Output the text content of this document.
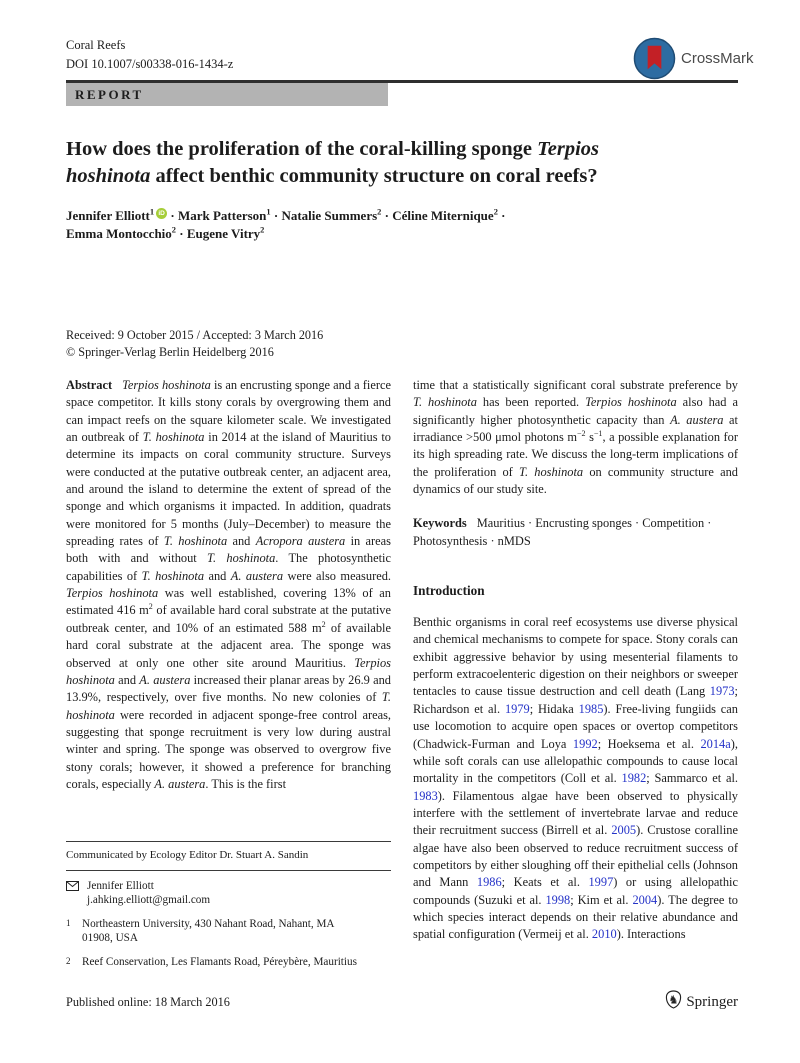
Coral Reefs
DOI 10.1007/s00338-016-1434-z	CrossMark
REPORT
How does the proliferation of the coral-killing sponge Terpios
hoshinota affect benthic community structure on coral reefs?
Jennifer Elliott$^1$ iD · Mark Patterson$^1$ · Natalie Summers$^2$ · Céline Miternique$^2$ ·
Emma Montocchio$^2$ · Eugene Vitry$^2$
Received: 9 October 2015 / Accepted: 3 March 2016
© Springer-Verlag Berlin Heidelberg 2016

Abstract Terpios hoshinota is an encrusting sponge and a fierce space competitor. It kills stony corals by overgrowing them and can impact reefs on the square kilometer scale. We investigated an outbreak of T. hoshinota in 2014 at the island of Mauritius to determine its impacts on coral community structure. Surveys were conducted at the putative outbreak center, an adjacent area, and around the island to determine the extent of spread of the sponge and which organisms it impacted. In addition, quadrats were monitored for 5 months (July–December) to measure the spreading rates of T. hoshinota and Acropora austera in areas both with and without T. hoshinota. The photosynthetic capabilities of T. hoshinota and A. austera were also measured. Terpios hoshinota was well established, covering 13% of an estimated 416 $m^2$ of available hard coral substrate at the putative outbreak center, and 10% of an estimated 588 $m^2$ of available hard coral substrate at the adjacent area. The sponge was observed at only one other site around Mauritius. Terpios hoshinota and A. austera increased their planar areas by 26.9 and 13.9%, respectively, over five months. No new colonies of T. hoshinota were recorded in adjacent sponge-free control areas, suggesting that sponge recruitment is very low during austral winter and spring. The sponge was observed to overgrow five stony corals; however, it showed a preference for branching corals, especially A. austera. This is the first

Communicated by Ecology Editor Dr. Stuart A. Sandin
Jennifer Elliott
j.ahking.elliott@gmail.com
1 Northeastern University, 430 Nahant Road, Nahant, MA 01908, USA
2 Reef Conservation, Les Flamants Road, Péreybère, Mauritius

time that a statistically significant coral substrate preference by T. hoshinota has been reported. Terpios hoshinota also had a significantly higher photosynthetic capacity than A. austera at irradiance >500 μmol photons $m^{-2}$ $s^{-1}$, a possible explanation for its high spreading rate. We discuss the long-term implications of the proliferation of T. hoshinota on community structure and dynamics of our study site.

Keywords Mauritius · Encrusting sponges · Competition · Photosynthesis · nMDS

Introduction

Benthic organisms in coral reef ecosystems use diverse physical and chemical mechanisms to compete for space. Stony corals can exhibit aggressive behavior by using mesenterial filaments to perform extracoelenteric digestion on their neighbors or sweeper tentacles to cause tissue destruction and cell death (Lang 1973; Richardson et al. 1979; Hidaka 1985). Free-living fungiids can use locomotion to acquire open spaces or overtop competitors (Chadwick-Furman and Loya 1992; Hoeksema et al. 2014a), while soft corals can use allelopathic compounds to cause local mortality in the competitors (Coll et al. 1982; Sammarco et al. 1983). Filamentous algae have been observed to physically interfere with the settlement of invertebrate larvae and reduce their recruitment success (Birrell et al. 2005). Crustose coralline algae have also been observed to reduce recruitment success of competitors by either sloughing off their epithelial cells (Johnson and Mann 1986; Keats et al. 1997) or using allelopathic compounds (Suzuki et al. 1998; Kim et al. 2004). The degree to which species interact depends on their relative abundance and spatial configuration (Vermeij et al. 2010). Interactions

Published online: 18 March 2016	♞ Springer
